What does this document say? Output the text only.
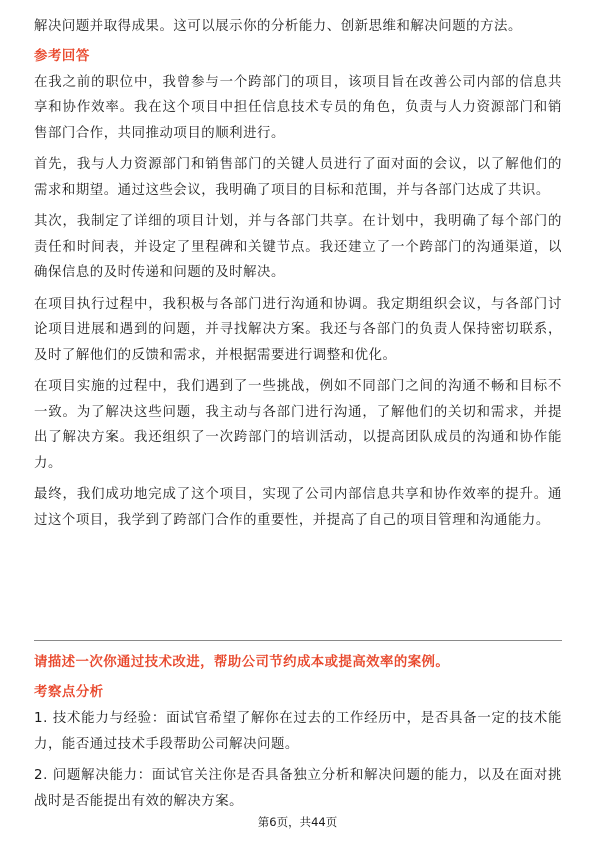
解决问题并取得成果。这可以展示你的分析能力、创新思维和解决问题的方法。

参考回答

在我之前的职位中，我曾参与一个跨部门的项目，该项目旨在改善公司内部的信息共享和协作效率。我在这个项目中担任信息技术专员的角色，负责与人力资源部门和销售部门合作，共同推动项目的顺利进行。

首先，我与人力资源部门和销售部门的关键人员进行了面对面的会议，以了解他们的需求和期望。通过这些会议，我明确了项目的目标和范围，并与各部门达成了共识。

其次，我制定了详细的项目计划，并与各部门共享。在计划中，我明确了每个部门的责任和时间表，并设定了里程碑和关键节点。我还建立了一个跨部门的沟通渠道，以确保信息的及时传递和问题的及时解决。

在项目执行过程中，我积极与各部门进行沟通和协调。我定期组织会议，与各部门讨论项目进展和遇到的问题，并寻找解决方案。我还与各部门的负责人保持密切联系，及时了解他们的反馈和需求，并根据需要进行调整和优化。

在项目实施的过程中，我们遇到了一些挑战，例如不同部门之间的沟通不畅和目标不一致。为了解决这些问题，我主动与各部门进行沟通，了解他们的关切和需求，并提出了解决方案。我还组织了一次跨部门的培训活动，以提高团队成员的沟通和协作能力。

最终，我们成功地完成了这个项目，实现了公司内部信息共享和协作效率的提升。通过这个项目，我学到了跨部门合作的重要性，并提高了自己的项目管理和沟通能力。

请描述一次你通过技术改进，帮助公司节约成本或提高效率的案例。
考察点分析

1. 技术能力与经验：面试官希望了解你在过去的工作经历中，是否具备一定的技术能力，能否通过技术手段帮助公司解决问题。

2. 问题解决能力：面试官关注你是否具备独立分析和解决问题的能力，以及在面对挑战时是否能提出有效的解决方案。

第6页，共44页
